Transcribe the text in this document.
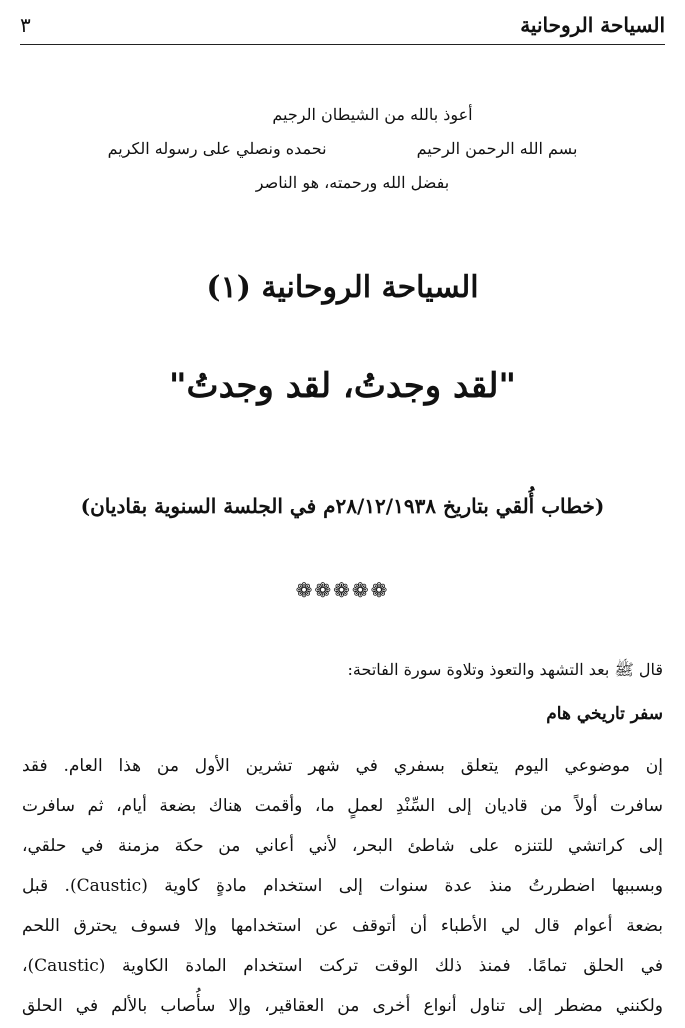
السياحة الروحانية
٣
أعوذ بالله من الشيطان الرجيم
بسم الله الرحمن الرحيم
نحمده ونصلي على رسوله الكريم
بفضل الله ورحمته، هو الناصر
السياحة الروحانية (١)
"لقد وجدتُ، لقد وجدتُ"
(خطاب أُلقي بتاريخ ٢٨/١٢/١٩٣٨م في الجلسة السنوية بقاديان)
❁❁❁❁❁
قال ﷺ بعد التشهد والتعوذ وتلاوة سورة الفاتحة:
سفر تاريخي هام

إن موضوعي اليوم يتعلق بسفري في شهر تشرين الأول من هذا العام. فقد

سافرت أولاً من قاديان إلى السِّنْدِ لعملٍ ما، وأقمت هناك بضعة أيام، ثم سافرت

إلى كراتشي للتنزه على شاطئ البحر، لأني أعاني من حكة مزمنة في حلقي،

وبسببها اضطررتُ منذ عدة سنوات إلى استخدام مادةٍ كاوية (Caustic). قبل

بضعة أعوام قال لي الأطباء أن أتوقف عن استخدامها وإلا فسوف يحترق اللحم

في الحلق تمامًا. فمنذ ذلك الوقت تركت استخدام المادة الكاوية (Caustic)،

ولكنني مضطر إلى تناول أنواع أخرى من العقاقير، وإلا سأُصاب بالألم في الحلق
